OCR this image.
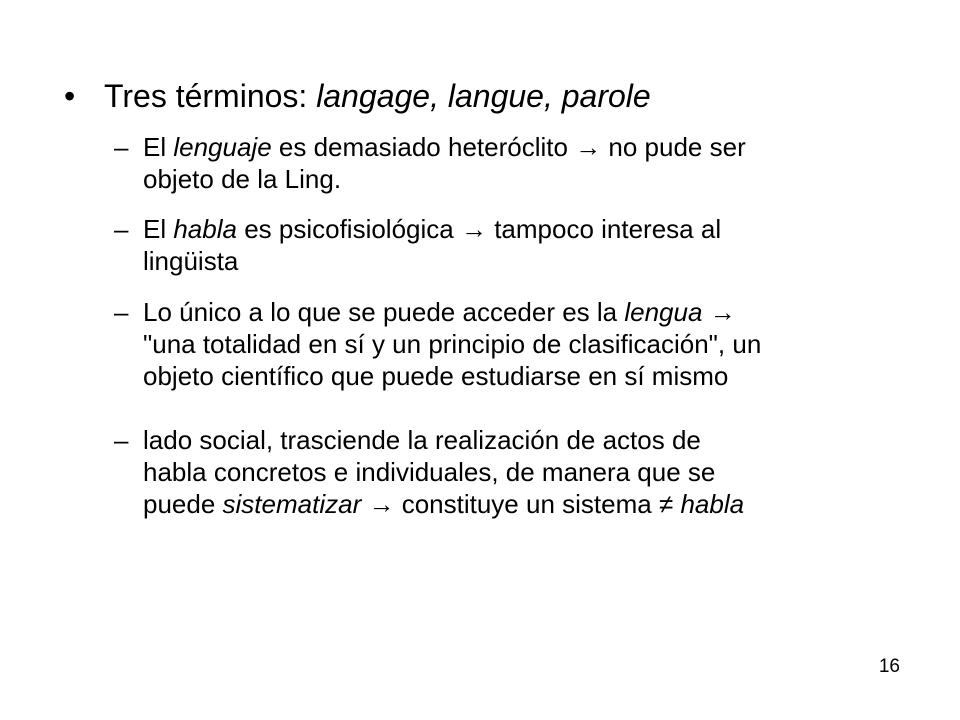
• Tres términos: langage, langue, parole
– El lenguaje es demasiado heteróclito → no pude ser
objeto de la Ling.
– El habla es psicofisiológica → tampoco interesa al
lingüista
– Lo único a lo que se puede acceder es la lengua →
"una totalidad en sí y un principio de clasificación", un
objeto científico que puede estudiarse en sí mismo
– lado social, trasciende la realización de actos de
habla concretos e individuales, de manera que se
puede sistematizar → constituye un sistema ≠ habla
16
